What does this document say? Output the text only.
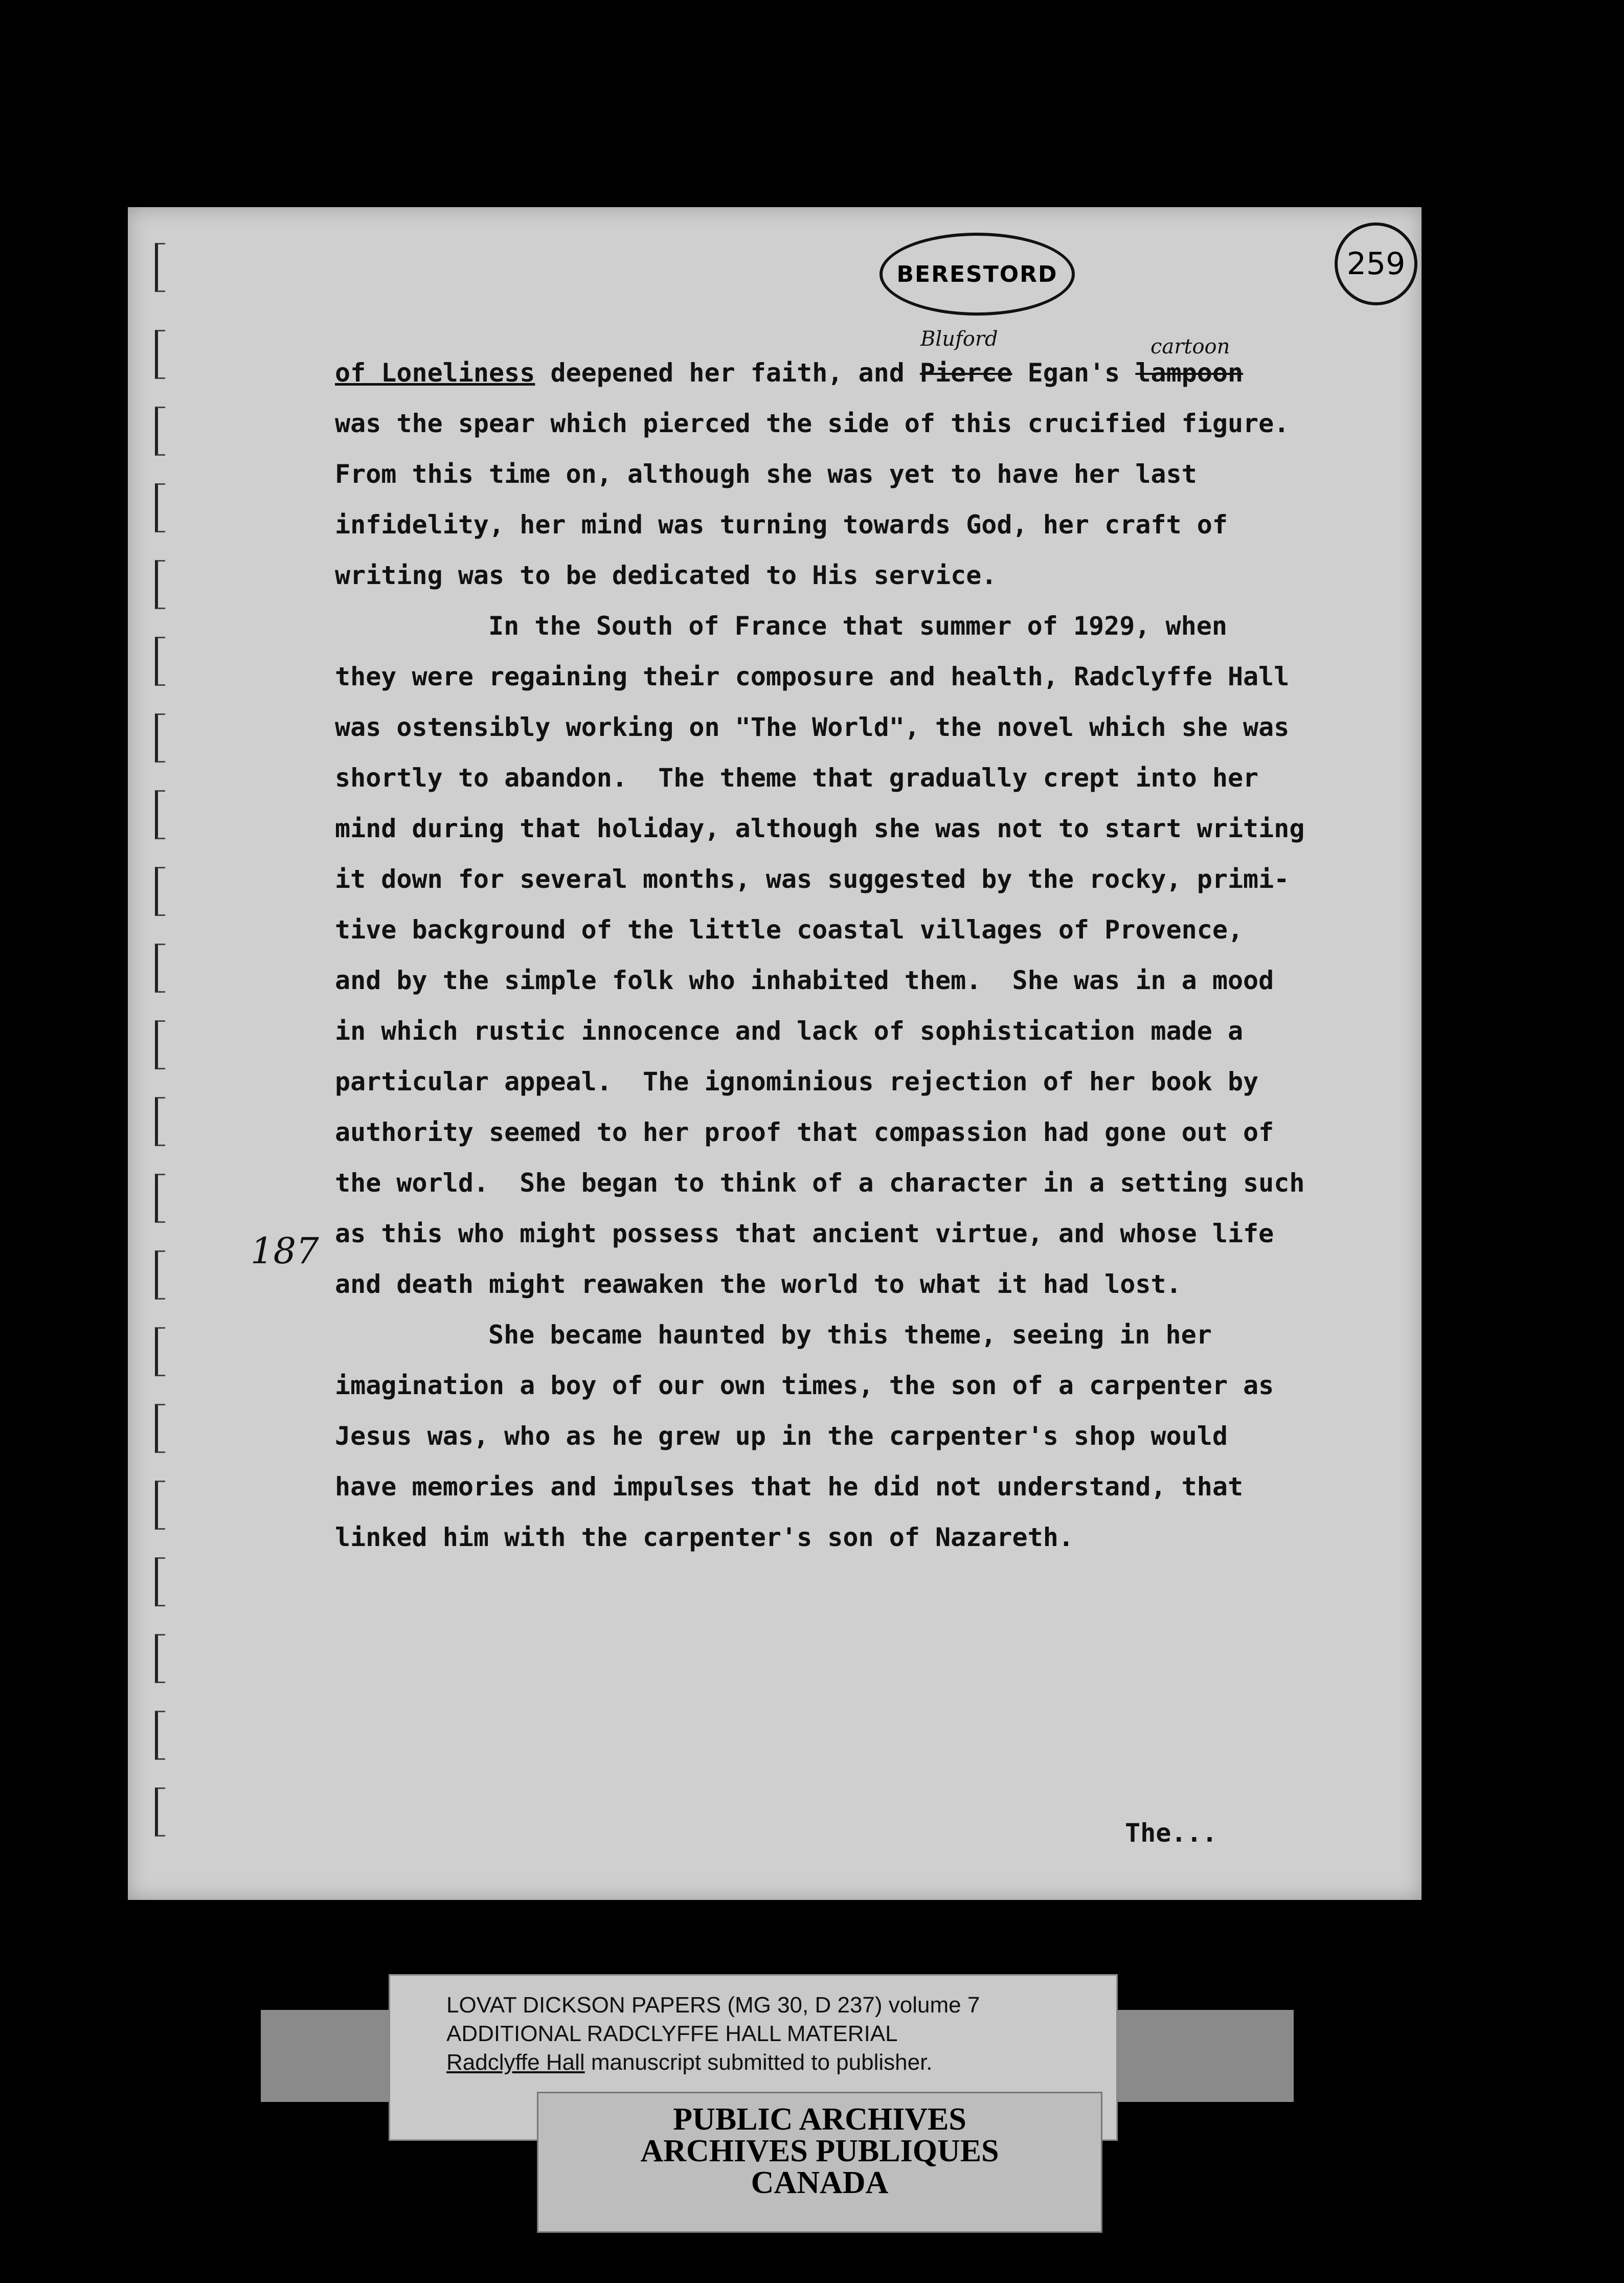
BERESTORD	259
Bluford	cartoon
187
of Loneliness deepened her faith, and Pierce Egan's lampoon
was the spear which pierced the side of this crucified figure.
From this time on, although she was yet to have her last
infidelity, her mind was turning towards God, her craft of
writing was to be dedicated to His service.
In the South of France that summer of 1929, when
they were regaining their composure and health, Radclyffe Hall
was ostensibly working on "The World", the novel which she was
shortly to abandon.  The theme that gradually crept into her
mind during that holiday, although she was not to start writing
it down for several months, was suggested by the rocky, primi-
tive background of the little coastal villages of Provence,
and by the simple folk who inhabited them.  She was in a mood
in which rustic innocence and lack of sophistication made a
particular appeal.  The ignominious rejection of her book by
authority seemed to her proof that compassion had gone out of
the world.  She began to think of a character in a setting such
as this who might possess that ancient virtue, and whose life
and death might reawaken the world to what it had lost.
She became haunted by this theme, seeing in her
imagination a boy of our own times, the son of a carpenter as
Jesus was, who as he grew up in the carpenter's shop would
have memories and impulses that he did not understand, that
linked him with the carpenter's son of Nazareth.
The...
LOVAT DICKSON PAPERS (MG 30, D 237) volume 7
ADDITIONAL RADCLYFFE HALL MATERIAL
Radclyffe Hall manuscript submitted to publisher.
PUBLIC ARCHIVES
ARCHIVES PUBLIQUES
CANADA
